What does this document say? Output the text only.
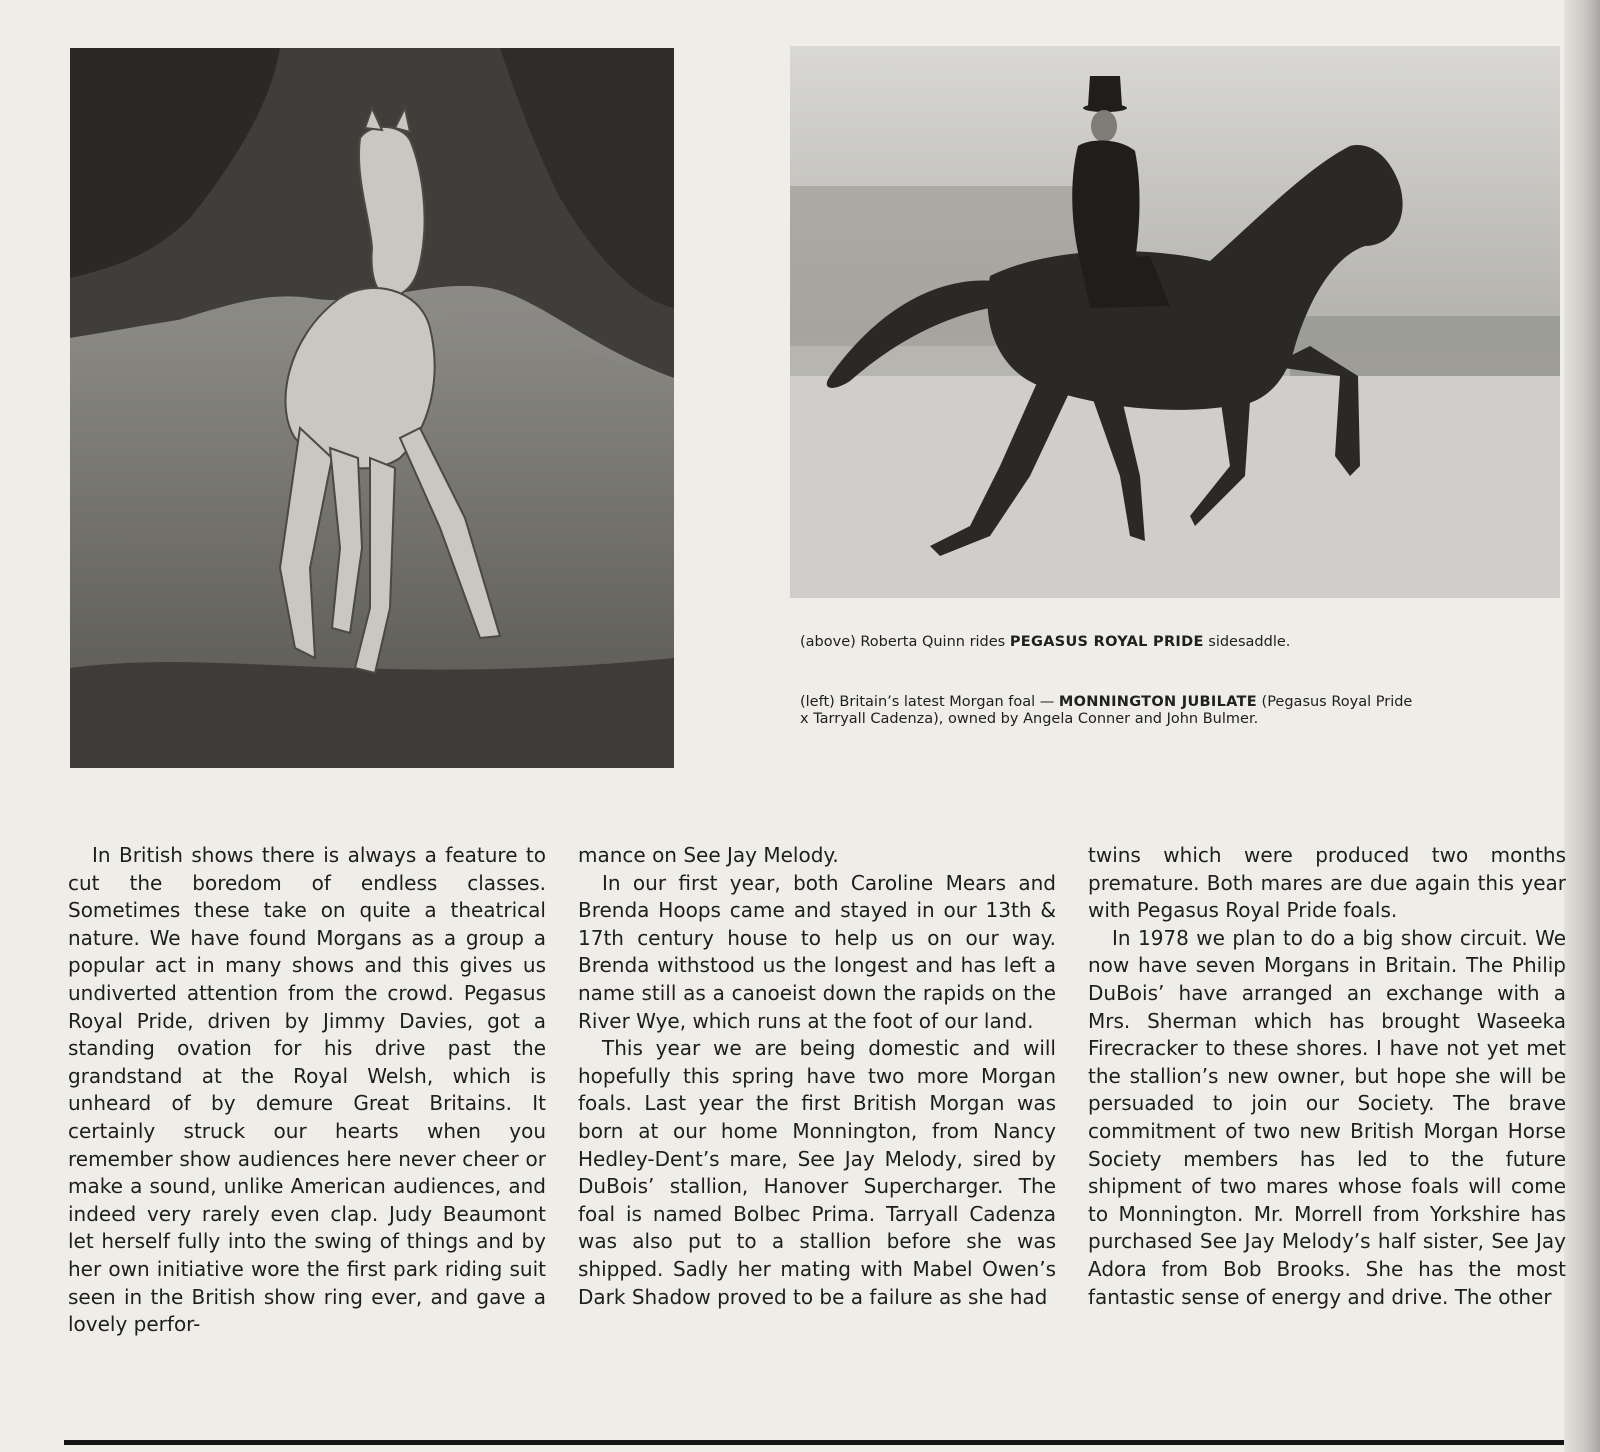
(above) Roberta Quinn rides PEGASUS ROYAL PRIDE sidesaddle.
(left) Britain’s latest Morgan foal — MONNINGTON JUBILATE (Pegasus Royal Pride x Tarryall Cadenza), owned by Angela Conner and John Bulmer.

In British shows there is always a feature to cut the boredom of endless classes. Sometimes these take on quite a theatrical nature. We have found Morgans as a group a popular act in many shows and this gives us undiverted attention from the crowd. Pegasus Royal Pride, driven by Jimmy Davies, got a standing ovation for his drive past the grandstand at the Royal Welsh, which is unheard of by demure Great Britains. It certainly struck our hearts when you remember show audiences here never cheer or make a sound, unlike American audiences, and indeed very rarely even clap. Judy Beaumont let herself fully into the swing of things and by her own initiative wore the first park riding suit seen in the British show ring ever, and gave a lovely perfor-

mance on See Jay Melody.

In our first year, both Caroline Mears and Brenda Hoops came and stayed in our 13th & 17th century house to help us on our way. Brenda withstood us the longest and has left a name still as a canoeist down the rapids on the River Wye, which runs at the foot of our land.

This year we are being domestic and will hopefully this spring have two more Morgan foals. Last year the first British Morgan was born at our home Monnington, from Nancy Hedley-Dent’s mare, See Jay Melody, sired by DuBois’ stallion, Hanover Supercharger. The foal is named Bolbec Prima. Tarryall Cadenza was also put to a stallion before she was shipped. Sadly her mating with Mabel Owen’s Dark Shadow proved to be a failure as she had

twins which were produced two months premature. Both mares are due again this year with Pegasus Royal Pride foals.

In 1978 we plan to do a big show circuit. We now have seven Morgans in Britain. The Philip DuBois’ have arranged an exchange with a Mrs. Sherman which has brought Waseeka Firecracker to these shores. I have not yet met the stallion’s new owner, but hope she will be persuaded to join our Society. The brave commitment of two new British Morgan Horse Society members has led to the future shipment of two mares whose foals will come to Monnington. Mr. Morrell from Yorkshire has purchased See Jay Melody’s half sister, See Jay Adora from Bob Brooks. She has the most fantastic sense of energy and drive. The other
